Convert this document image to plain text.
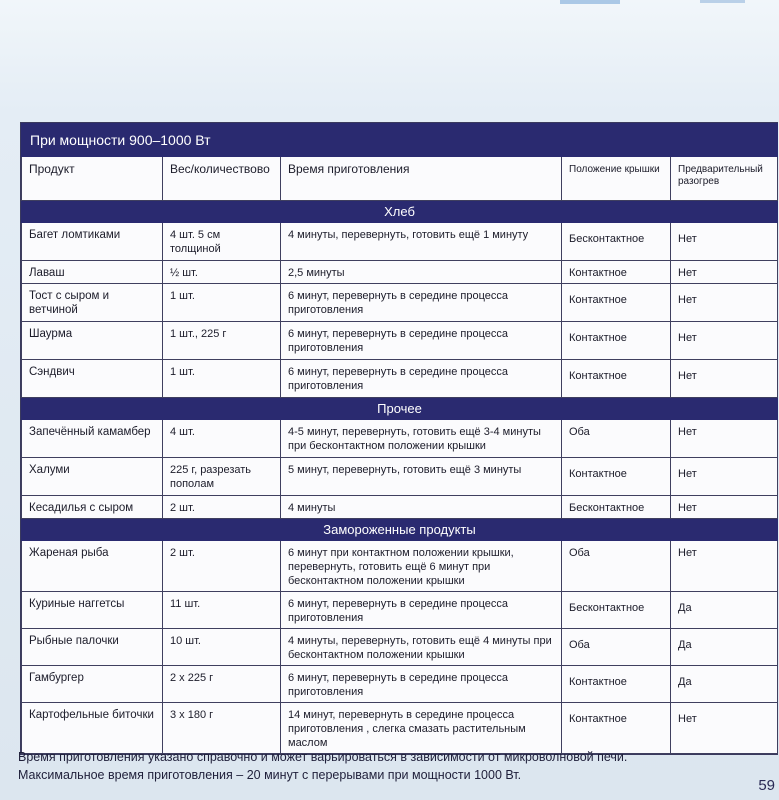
При мощности 900–1000 Вт				
Продукт	Вес/количествово	Время приготовления	Положение крышки	Предварительный разогрев
Хлеб				
Багет ломтиками	4 шт. 5 см толщиной	4 минуты, перевернуть, готовить ещё 1 минуту	Бесконтактное	Нет
Лаваш	½ шт.	2,5 минуты	Контактное	Нет
Тост с сыром и ветчиной	1 шт.	6 минут, перевернуть в середине процесса приготовления	Контактное	Нет
Шаурма	1 шт., 225 г	6 минут, перевернуть в середине процесса приготовления	Контактное	Нет
Сэндвич	1 шт.	6 минут, перевернуть в середине процесса приготовления	Контактное	Нет
Прочее				
Запечённый камамбер	4 шт.	4-5 минут, перевернуть, готовить ещё 3-4 минуты при бесконтактном положении крышки	Оба	Нет
Халуми	225 г, разрезать пополам	5 минут, перевернуть, готовить ещё 3 минуты	Контактное	Нет
Кесадилья с сыром	2 шт.	4 минуты	Бесконтактное	Нет
Замороженные продукты				
Жареная рыба	2 шт.	6 минут при контактном положении крышки, перевернуть, готовить ещё 6 минут при бесконтактном положении крышки	Оба	Нет
Куриные наггетсы	11 шт.	6 минут, перевернуть в середине процесса приготовления	Бесконтактное	Да
Рыбные палочки	10 шт.	4 минуты, перевернуть, готовить ещё 4 минуты при бесконтактном положении крышки	Оба	Да
Гамбургер	2 x 225 г	6 минут, перевернуть в середине процесса приготовления	Контактное	Да
Картофельные биточки	3 x 180 г	14 минут, перевернуть в середине процесса приготовления , слегка смазать растительным маслом	Контактное	Нет
Время приготовления указано справочно и может варьироваться в зависимости от микроволновой печи.
Максимальное время приготовления – 20 минут с перерывами при мощности 1000 Вт.
59
